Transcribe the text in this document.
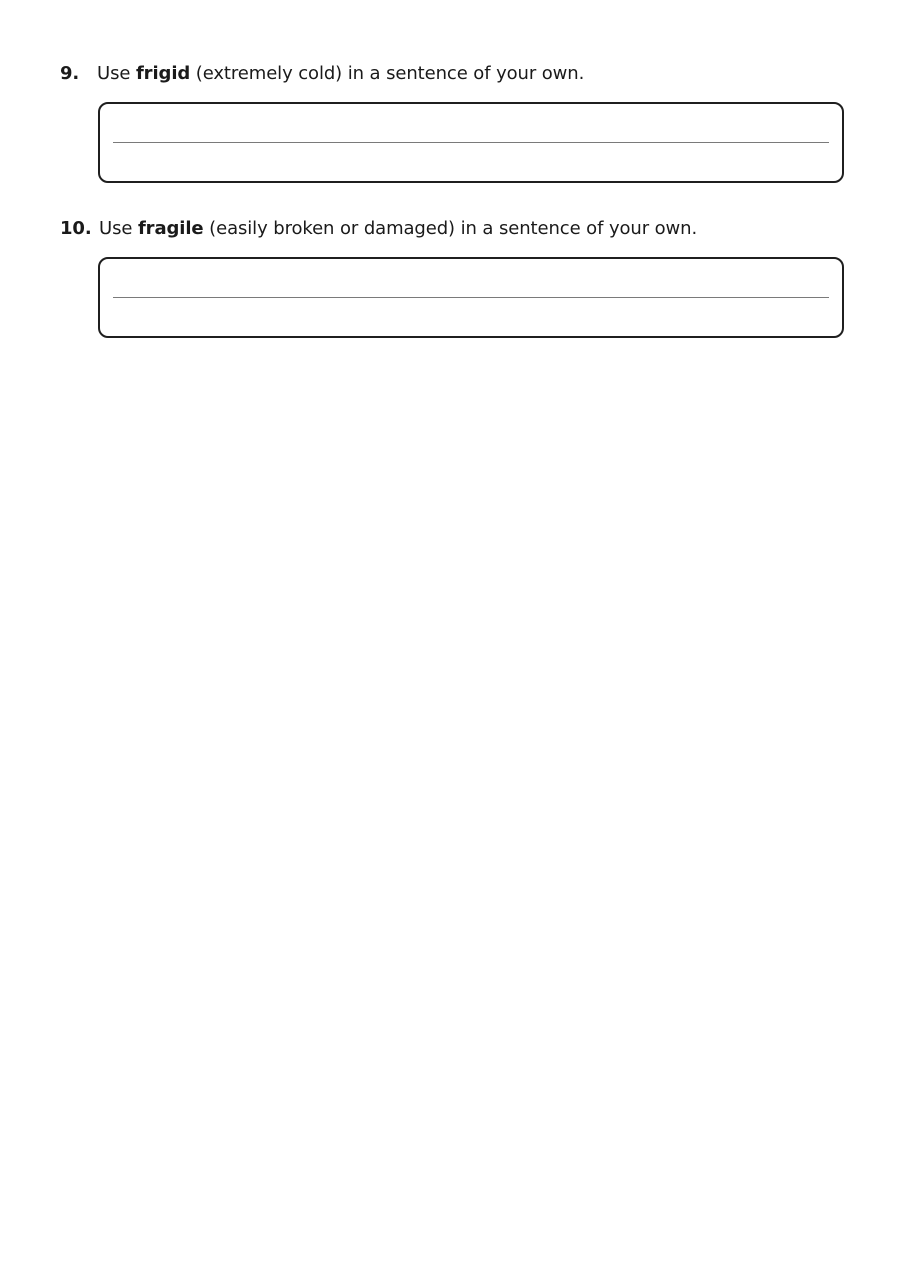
9. Use frigid (extremely cold) in a sentence of your own.
10. Use fragile (easily broken or damaged) in a sentence of your own.
